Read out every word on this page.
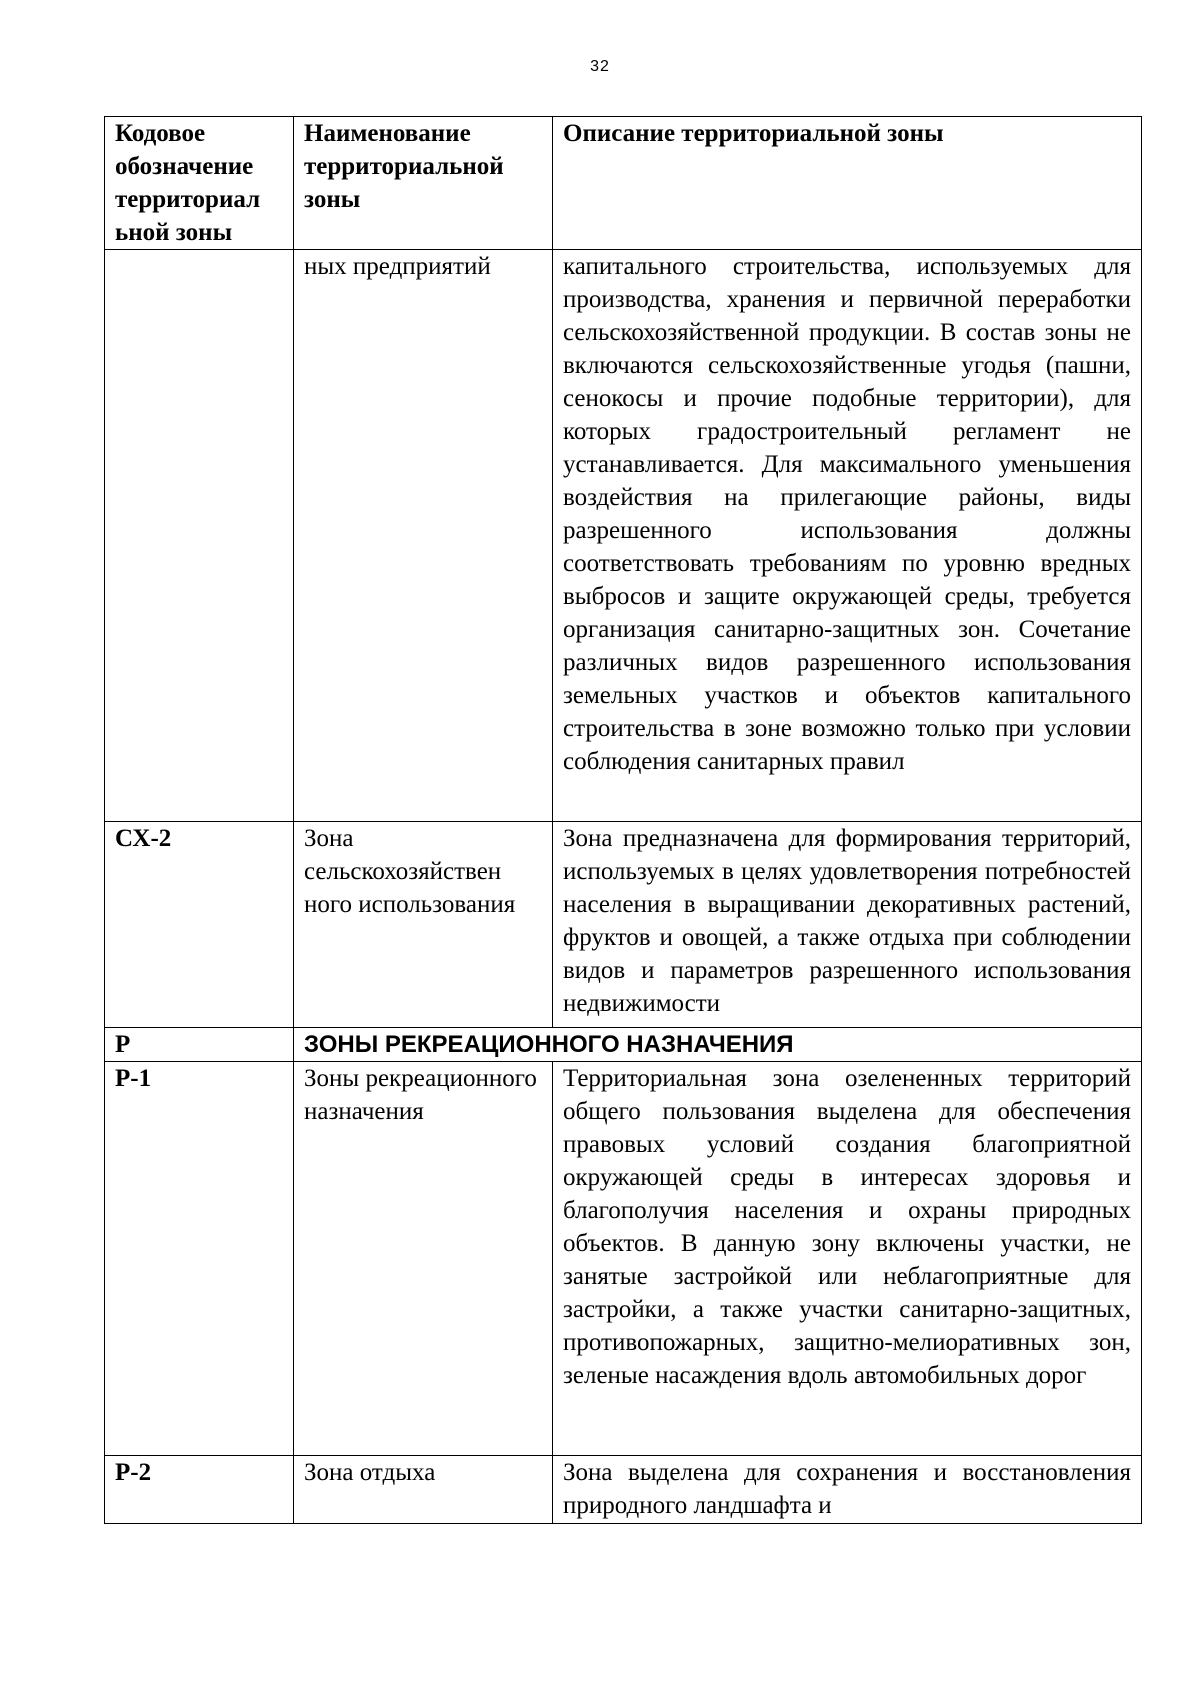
32
Кодовое обозначение территориал ьной зоны	Наименование территориальной зоны	Описание территориальной зоны
	ных предприятий	капитального строительства, используемых для производства, хранения и первичной переработки сельскохозяйственной продукции. В состав зоны не включаются сельскохозяйственные угодья (пашни, сенокосы и прочие подобные территории), для которых градостроительный регламент не устанавливается. Для максимального уменьшения воздействия на прилегающие районы, виды разрешенного использования должны соответствовать требованиям по уровню вредных выбросов и защите окружающей среды, требуется организация санитарно-защитных зон. Сочетание различных видов разрешенного использования земельных участков и объектов капитального строительства в зоне возможно только при условии соблюдения санитарных правил
СХ-2	Зона сельскохозяйствен ного использования	Зона предназначена для формирования территорий, используемых в целях удовлетворения потребностей населения в выращивании декоративных растений, фруктов и овощей, а также отдыха при соблюдении видов и параметров разрешенного использования недвижимости
Р	ЗОНЫ РЕКРЕАЦИОННОГО НАЗНАЧЕНИЯ	
Р-1	Зоны рекреационного назначения	Территориальная зона озелененных территорий общего пользования выделена для обеспечения правовых условий создания благоприятной окружающей среды в интересах здоровья и благополучия населения и охраны природных объектов. В данную зону включены участки, не занятые застройкой или неблагоприятные для застройки, а также участки санитарно-защитных, противопожарных, защитно-мелиоративных зон, зеленые насаждения вдоль автомобильных дорог
Р-2	Зона отдыха	Зона выделена для сохранения и восстановления природного ландшафта и
